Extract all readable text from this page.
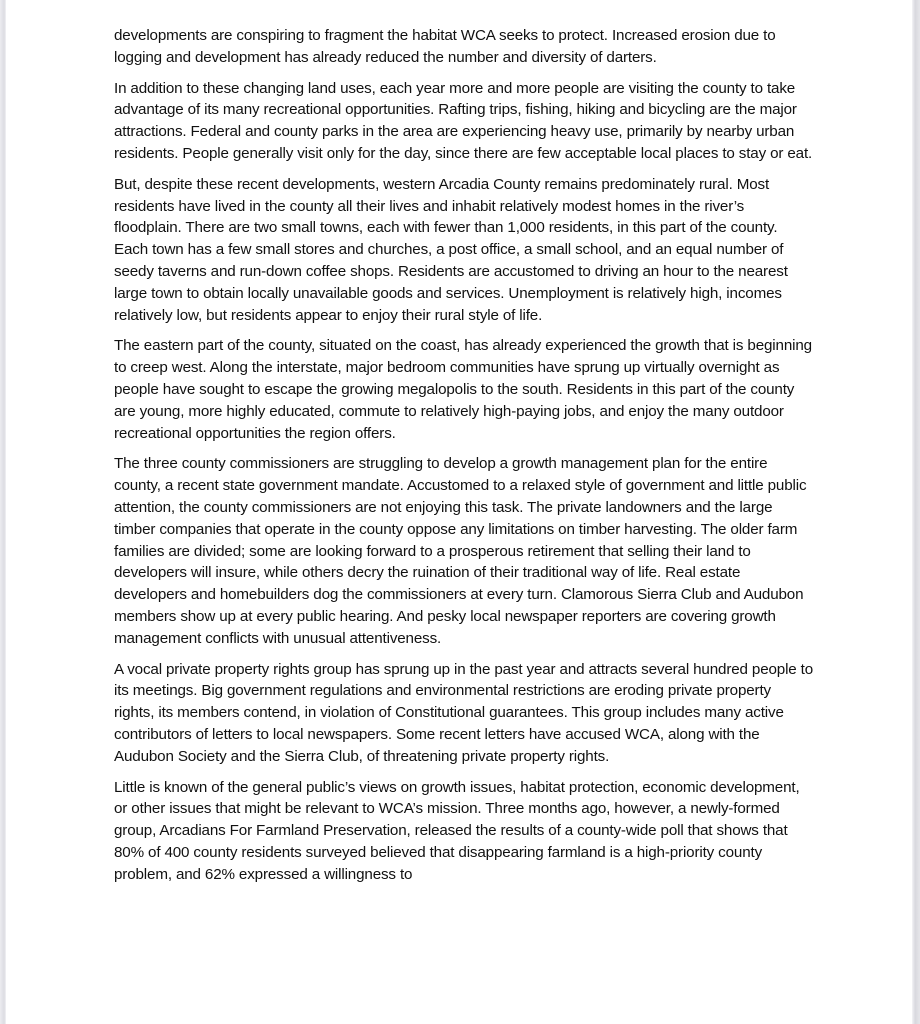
developments are conspiring to fragment the habitat WCA seeks to protect. Increased erosion due to logging and development has already reduced the number and diversity of darters.

In addition to these changing land uses, each year more and more people are visiting the county to take advantage of its many recreational opportunities. Rafting trips, fishing, hiking and bicycling are the major attractions. Federal and county parks in the area are experiencing heavy use, primarily by nearby urban residents. People generally visit only for the day, since there are few acceptable local places to stay or eat.

But, despite these recent developments, western Arcadia County remains predominately rural. Most residents have lived in the county all their lives and inhabit relatively modest homes in the river’s floodplain. There are two small towns, each with fewer than 1,000 residents, in this part of the county. Each town has a few small stores and churches, a post office, a small school, and an equal number of seedy taverns and run-down coffee shops. Residents are accustomed to driving an hour to the nearest large town to obtain locally unavailable goods and services. Unemployment is relatively high, incomes relatively low, but residents appear to enjoy their rural style of life.

The eastern part of the county, situated on the coast, has already experienced the growth that is beginning to creep west. Along the interstate, major bedroom communities have sprung up virtually overnight as people have sought to escape the growing megalopolis to the south. Residents in this part of the county are young, more highly educated, commute to relatively high-paying jobs, and enjoy the many outdoor recreational opportunities the region offers.

The three county commissioners are struggling to develop a growth management plan for the entire county, a recent state government mandate. Accustomed to a relaxed style of government and little public attention, the county commissioners are not enjoying this task. The private landowners and the large timber companies that operate in the county oppose any limitations on timber harvesting. The older farm families are divided; some are looking forward to a prosperous retirement that selling their land to developers will insure, while others decry the ruination of their traditional way of life. Real estate developers and homebuilders dog the commissioners at every turn. Clamorous Sierra Club and Audubon members show up at every public hearing. And pesky local newspaper reporters are covering growth management conflicts with unusual attentiveness.

A vocal private property rights group has sprung up in the past year and attracts several hundred people to its meetings. Big government regulations and environmental restrictions are eroding private property rights, its members contend, in violation of Constitutional guarantees. This group includes many active contributors of letters to local newspapers. Some recent letters have accused WCA, along with the Audubon Society and the Sierra Club, of threatening private property rights.

Little is known of the general public’s views on growth issues, habitat protection, economic development, or other issues that might be relevant to WCA’s mission. Three months ago, however, a newly-formed group, Arcadians For Farmland Preservation, released the results of a county-wide poll that shows that 80% of 400 county residents surveyed believed that disappearing farmland is a high-priority county problem, and 62% expressed a willingness to
